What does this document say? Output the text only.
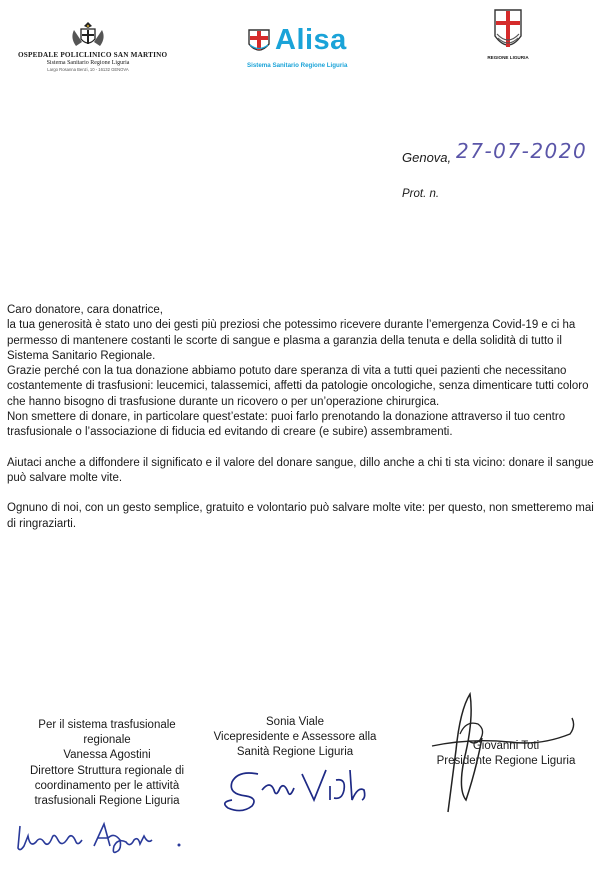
OSPEDALE POLICLINICO SAN MARTINO
Sistema Sanitario Regione Liguria
Largo Rosanna Benzi, 10 - 16132 GENOVA
Alisa
Sistema Sanitario Regione Liguria
REGIONE LIGURIA
Genova, 27-07-2020
Prot. n.

Caro donatore, cara donatrice,

la tua generosità è stato uno dei gesti più preziosi che potessimo ricevere durante l’emergenza Covid-19 e ci ha permesso di mantenere costanti le scorte di sangue e plasma a garanzia della tenuta e della solidità di tutto il Sistema Sanitario Regionale.

Grazie perché con la tua donazione abbiamo potuto dare speranza di vita a tutti quei pazienti che necessitano costantemente di trasfusioni: leucemici, talassemici, affetti da patologie oncologiche, senza dimenticare tutti coloro che hanno bisogno di trasfusione durante un ricovero o per un’operazione chirurgica.

Non smettere di donare, in particolare quest’estate: puoi farlo prenotando la donazione attraverso il tuo centro trasfusionale o l’associazione di fiducia ed evitando di creare (e subire) assembramenti.

Aiutaci anche a diffondere il significato e il valore del donare sangue, dillo anche a chi ti sta vicino: donare il sangue può salvare molte vite.

Ognuno di noi, con un gesto semplice, gratuito e volontario può salvare molte vite: per questo, non smetteremo mai di ringraziarti.

Per il sistema trasfusionale
regionale
Vanessa Agostini
Direttore Struttura regionale di
coordinamento per le attività
trasfusionali Regione Liguria
Sonia Viale
Vicepresidente e Assessore alla
Sanità Regione Liguria
Giovanni Toti
Presidente Regione Liguria
